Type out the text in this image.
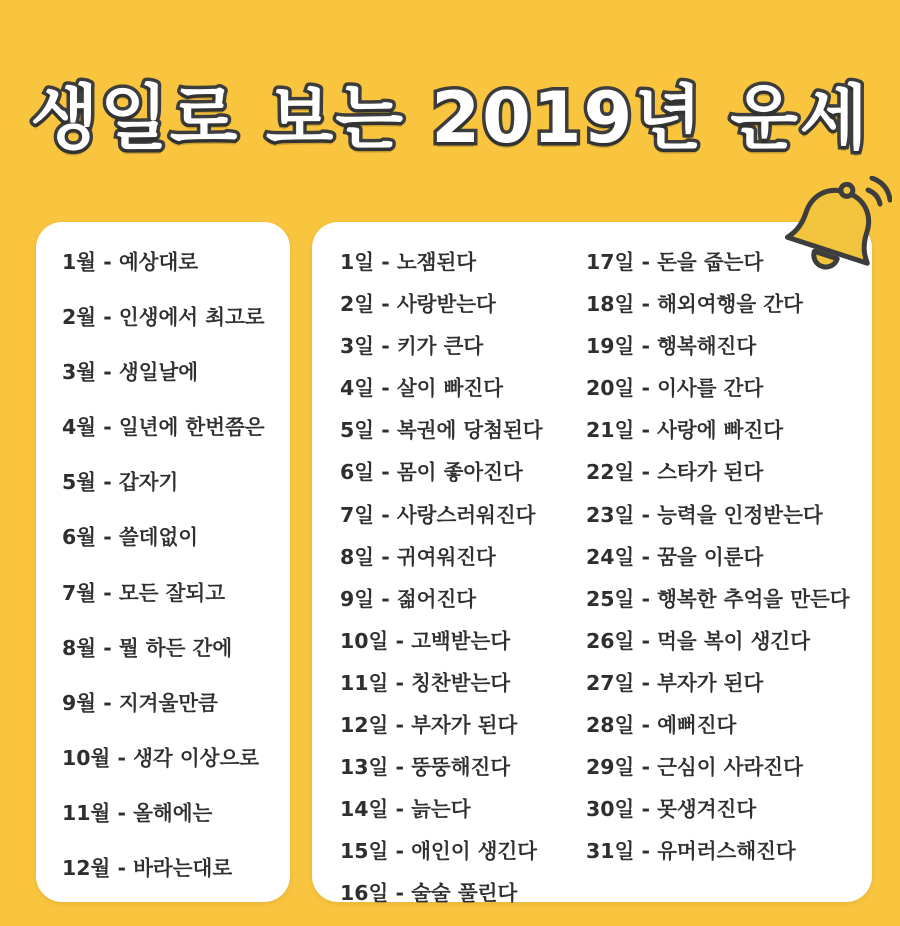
생일로 보는 2019년 운세
1월 - 예상대로
2월 - 인생에서 최고로
3월 - 생일날에
4월 - 일년에 한번쯤은
5월 - 갑자기
6월 - 쓸데없이
7월 - 모든 잘되고
8월 - 뭘 하든 간에
9월 - 지겨울만큼
10월 - 생각 이상으로
11월 - 올해에는
12월 - 바라는대로
1일 - 노잼된다
2일 - 사랑받는다
3일 - 키가 큰다
4일 - 살이 빠진다
5일 - 복권에 당첨된다
6일 - 몸이 좋아진다
7일 - 사랑스러워진다
8일 - 귀여워진다
9일 - 젊어진다
10일 - 고백받는다
11일 - 칭찬받는다
12일 - 부자가 된다
13일 - 뚱뚱해진다
14일 - 늙는다
15일 - 애인이 생긴다
16일 - 술술 풀린다
17일 - 돈을 줍는다
18일 - 해외여행을 간다
19일 - 행복해진다
20일 - 이사를 간다
21일 - 사랑에 빠진다
22일 - 스타가 된다
23일 - 능력을 인정받는다
24일 - 꿈을 이룬다
25일 - 행복한 추억을 만든다
26일 - 먹을 복이 생긴다
27일 - 부자가 된다
28일 - 예뻐진다
29일 - 근심이 사라진다
30일 - 못생겨진다
31일 - 유머러스해진다
